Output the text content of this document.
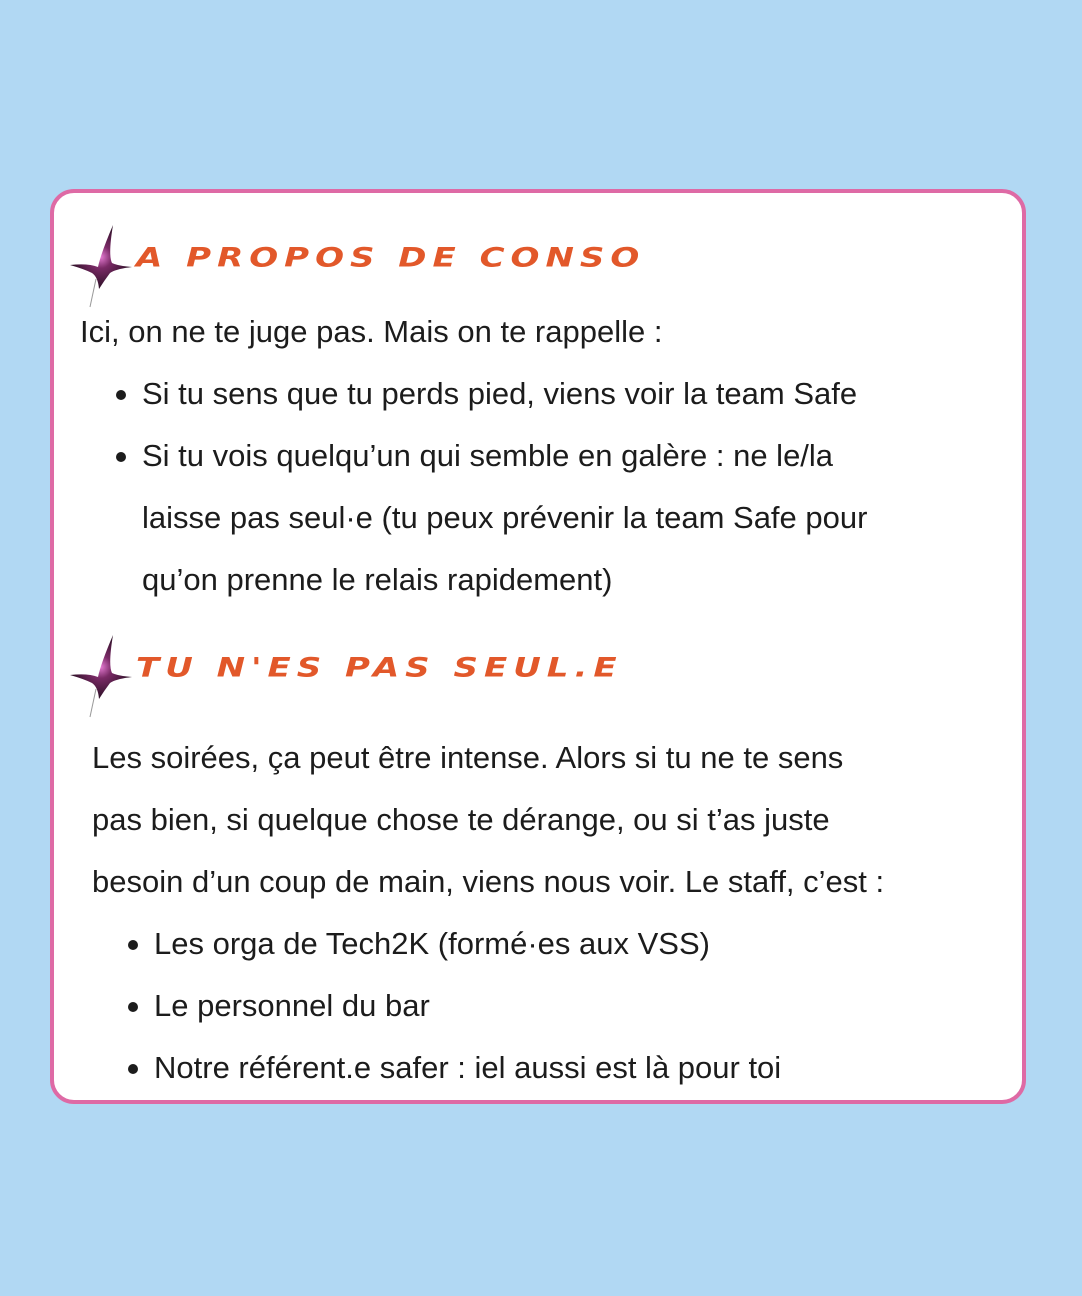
A PROPOS DE CONSO

Ici, on ne te juge pas. Mais on te rappelle :

Si tu sens que tu perds pied, viens voir la team Safe
Si tu vois quelqu’un qui semble en galère : ne le/la
laisse pas seul·e (tu peux prévenir la team Safe pour
qu’on prenne le relais rapidement)
TU N'ES PAS SEUL.E

Les soirées, ça peut être intense. Alors si tu ne te sens

pas bien, si quelque chose te dérange, ou si t’as juste

besoin d’un coup de main, viens nous voir. Le staff, c’est :

Les orga de Tech2K (formé·es aux VSS)
Le personnel du bar
Notre référent.e safer : iel aussi est là pour toi
